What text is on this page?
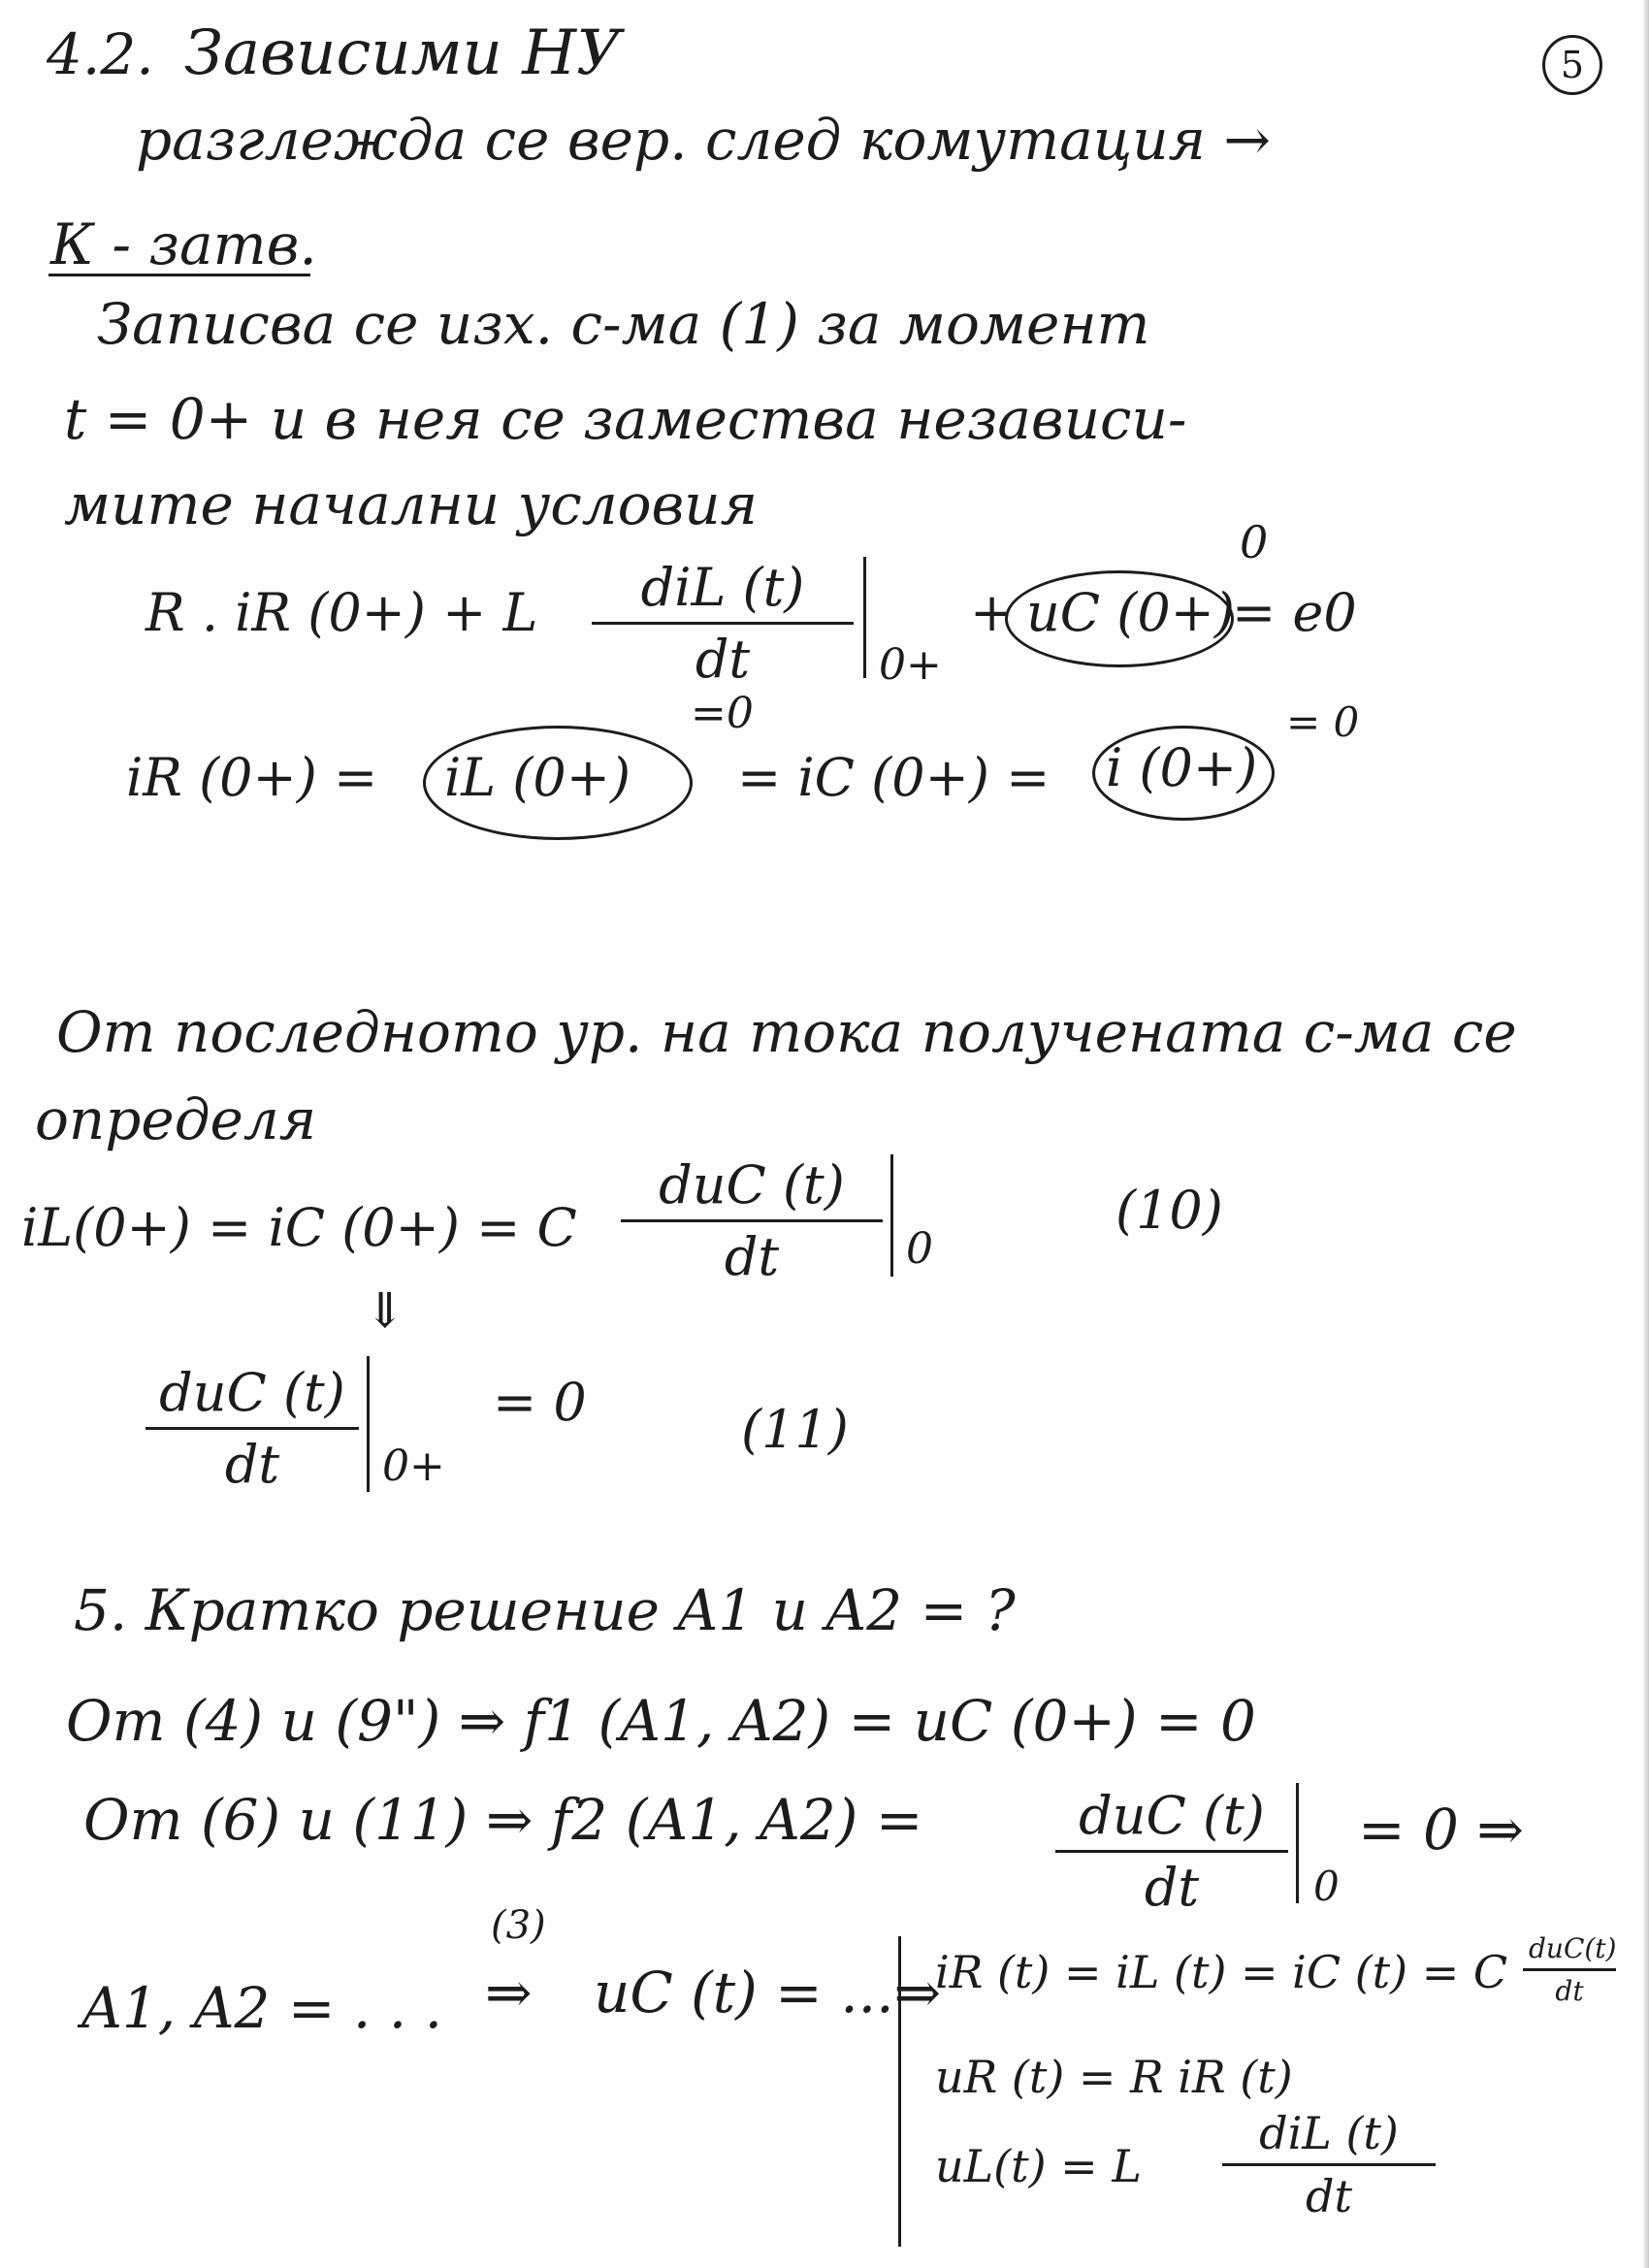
4.2. Зависими НУ	5
разглежда се вер. след комутация →
К - затв.
Записва се изх. с-ма (1) за момент
t = 0+ и в нея се замества независи-
мите начални условия
R . iR (0+) + L	diL (t)
dt	0+
+ uC (0+)
0
= e0
iR (0+) = iL (0+)
=0
= iC (0+) = i (0+)
= 0
От последното ур. на тока получената с-ма се
определя
iL(0+) = iC (0+) = C
duC (t)
dt	0
(10)
⇓
duC (t)
dt	0+
= 0	(11)
5. Кратко решение A1 и A2 = ?
От (4) и (9") ⇒ f1 (A1, A2) = uC (0+) = 0
От (6) и (11) ⇒ f2 (A1, A2) =	duC (t)
dt	0
= 0 ⇒
A1, A2 = . . .
(3)
⇒ uC (t) = ...⇒
iR (t) = iL (t) = iC (t) = C duC(t)
dt
uR (t) = R iR (t)
uL(t) = L
diL (t)
dt
